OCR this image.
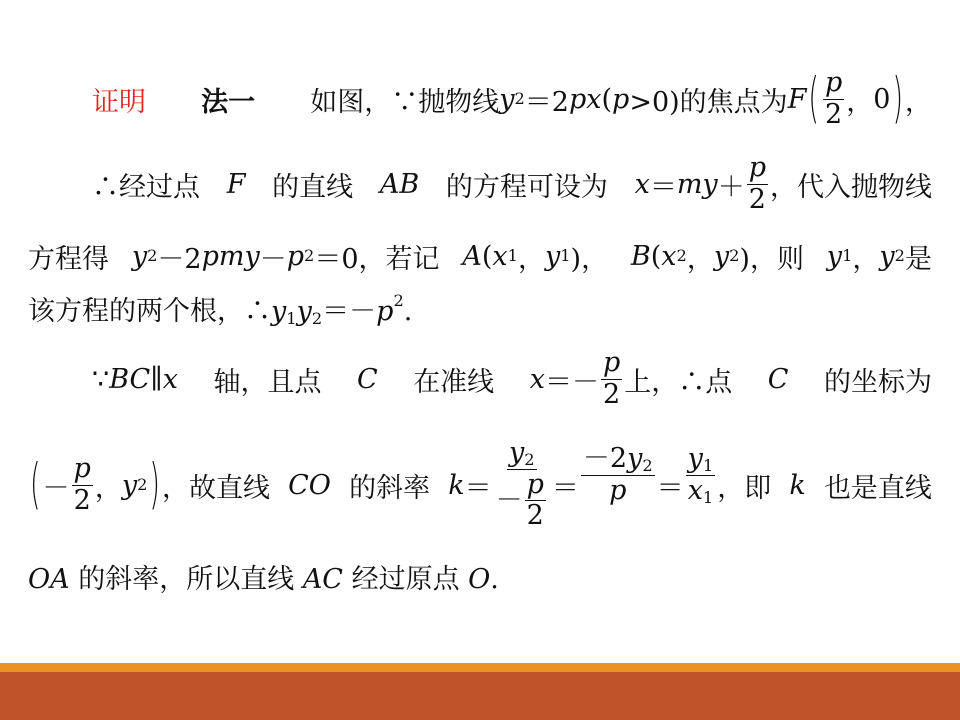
证明 法一 如图，∵抛物线 y 2 ＝2 px ( p >0)的焦点为 F ( $\frac{p}{2}$ ， 0 ) ，
∴经过点 F 的直线 AB 的方程可设为 x ＝ my ＋ $\frac{p}{2}$ ，代入抛物线
方程得 y 2 －2 pmy － p 2 ＝0，若记 A ( x 1 ， y 1 )， B ( x 2 ， y 2 )，则 y 1 ， y 2 是
该方程的两个根，$\therefore y_1y_2=-p^2$.
∵ BC ∥ x 轴，且点 C 在准线 $x =- \frac{p}{2}$ 上，∴点 C 的坐标为
( － $\frac{p}{2}$ ， y 2 ) ，故直线 CO 的斜率 $k = \frac{y_2}{- \frac{p}{2}} = \frac{-2y_2}{p} = \frac{y_1}{x_1}$ ，即 k 也是直线
OA 的斜率，所以直线 AC 经过原点 O.
